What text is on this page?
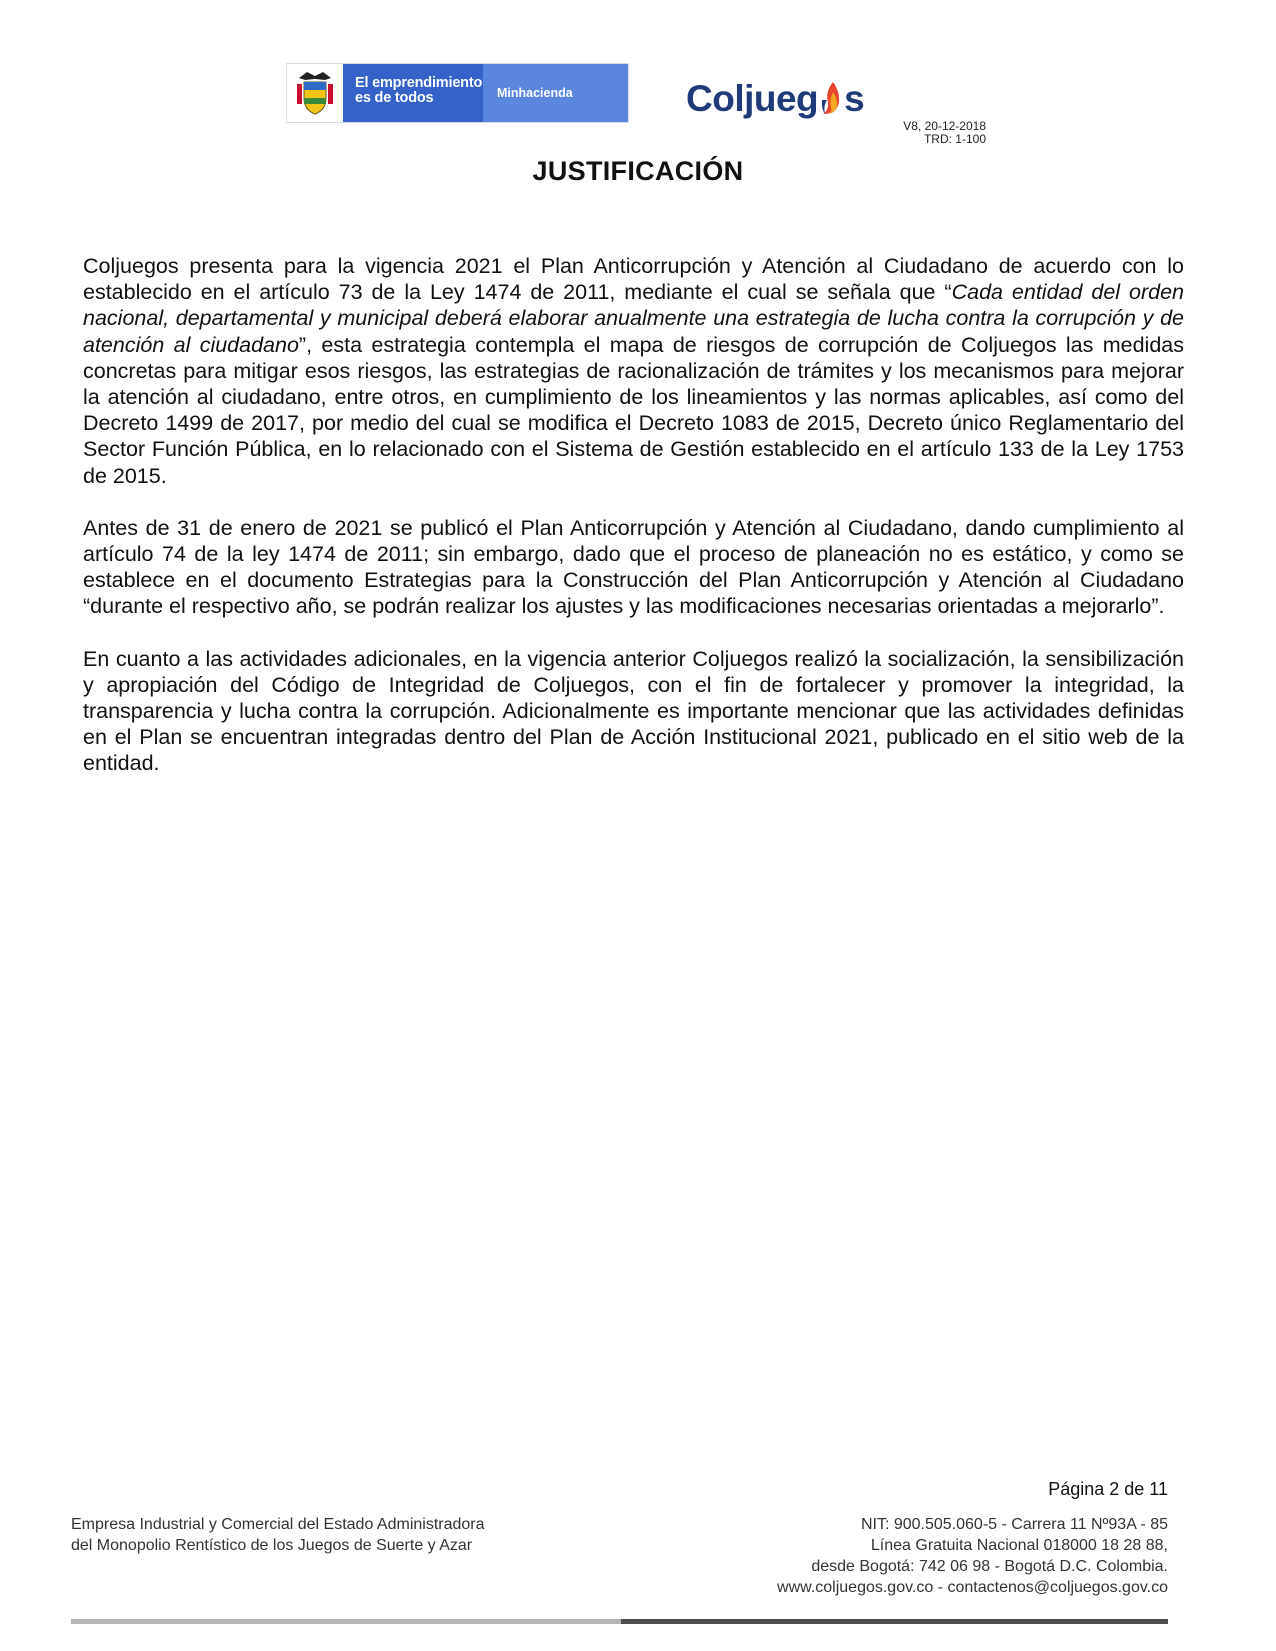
El emprendimiento
es de todos	Minhacienda	Coljueg s
V8, 20-12-2018
TRD: 1-100
JUSTIFICACIÓN

Coljuegos presenta para la vigencia 2021 el Plan Anticorrupción y Atención al Ciudadano de acuerdo con lo establecido en el artículo 73 de la Ley 1474 de 2011, mediante el cual se señala que “Cada entidad del orden nacional, departamental y municipal deberá elaborar anualmente una estrategia de lucha contra la corrupción y de atención al ciudadano”, esta estrategia contempla el mapa de riesgos de corrupción de Coljuegos las medidas concretas para mitigar esos riesgos, las estrategias de racionalización de trámites y los mecanismos para mejorar la atención al ciudadano, entre otros, en cumplimiento de los lineamientos y las normas aplicables, así como del Decreto 1499 de 2017, por medio del cual se modifica el Decreto 1083 de 2015, Decreto único Reglamentario del Sector Función Pública, en lo relacionado con el Sistema de Gestión establecido en el artículo 133 de la Ley 1753 de 2015.

Antes de 31 de enero de 2021 se publicó el Plan Anticorrupción y Atención al Ciudadano, dando cumplimiento al artículo 74 de la ley 1474 de 2011; sin embargo, dado que el proceso de planeación no es estático, y como se establece en el documento Estrategias para la Construcción del Plan Anticorrupción y Atención al Ciudadano “durante el respectivo año, se podrán realizar los ajustes y las modificaciones necesarias orientadas a mejorarlo”.

En cuanto a las actividades adicionales, en la vigencia anterior Coljuegos realizó la socialización, la sensibilización y apropiación del Código de Integridad de Coljuegos, con el fin de fortalecer y promover la integridad, la transparencia y lucha contra la corrupción. Adicionalmente es importante mencionar que las actividades definidas en el Plan se encuentran integradas dentro del Plan de Acción Institucional 2021, publicado en el sitio web de la entidad.

Página 2 de 11
Empresa Industrial y Comercial del Estado Administradora
del Monopolio Rentístico de los Juegos de Suerte y Azar
NIT: 900.505.060-5 - Carrera 11 Nº93A - 85
Línea Gratuita Nacional 018000 18 28 88,
desde Bogotá: 742 06 98 - Bogotá D.C. Colombia.
www.coljuegos.gov.co - contactenos@coljuegos.gov.co
